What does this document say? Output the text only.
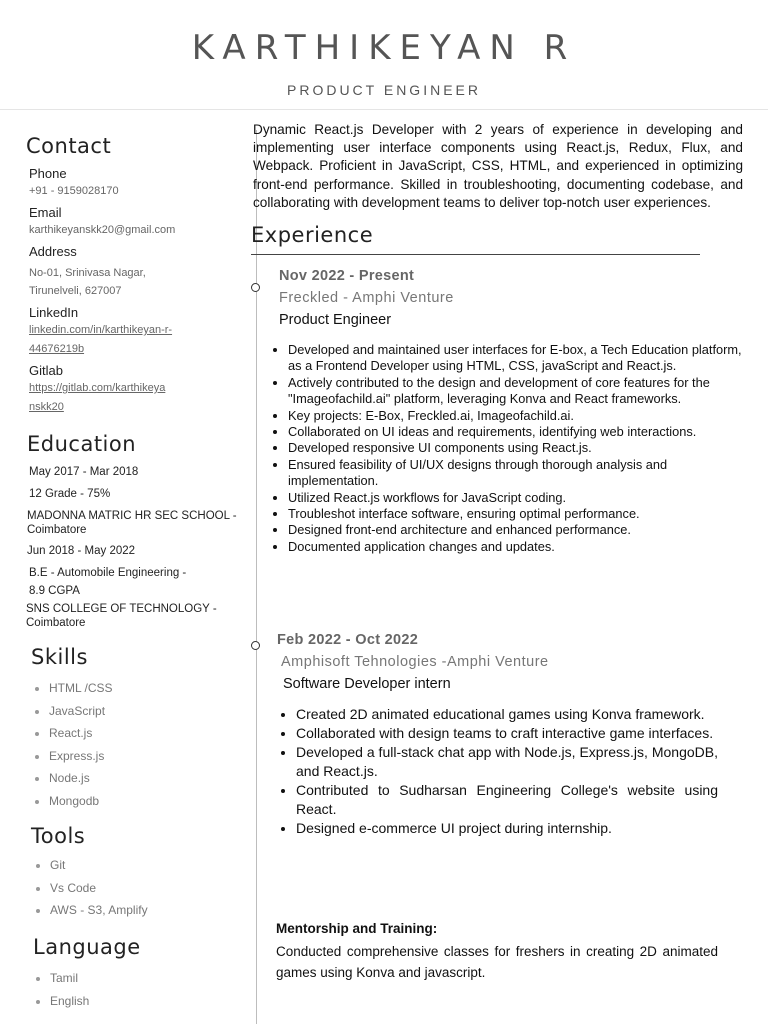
KARTHIKEYAN R
PRODUCT ENGINEER
Contact
Phone
+91 - 9159028170
Email
karthikeyanskk20@gmail.com
Address
No-01, Srinivasa Nagar,
Tirunelveli, 627007
LinkedIn
linkedin.com/in/karthikeyan-r-
44676219b
Gitlab
https://gitlab.com/karthikeya
nskk20
Education
May 2017 - Mar 2018
12 Grade - 75%
MADONNA MATRIC HR SEC SCHOOL - Coimbatore
Jun 2018 - May 2022
B.E - Automobile Engineering -
8.9 CGPA
SNS COLLEGE OF TECHNOLOGY - Coimbatore
Skills
• HTML /CSS
• JavaScript
• React.js
• Express.js
• Node.js
• Mongodb
Tools
• Git
• Vs Code
• AWS - S3, Amplify
Language
• Tamil
• English
Dynamic React.js Developer with 2 years of experience in developing and implementing user interface components using React.js, Redux, Flux, and Webpack. Proficient in JavaScript, CSS, HTML, and experienced in optimizing front-end performance. Skilled in troubleshooting, documenting codebase, and collaborating with development teams to deliver top-notch user experiences.
Experience
Nov 2022 - Present
Freckled - Amphi Venture
Product Engineer
• Developed and maintained user interfaces for E-box, a Tech Education platform, as a Frontend Developer using HTML, CSS, javaScript and React.js.
• Actively contributed to the design and development of core features for the "Imageofachild.ai" platform, leveraging Konva and React frameworks.
• Key projects: E-Box, Freckled.ai, Imageofachild.ai.
• Collaborated on UI ideas and requirements, identifying web interactions.
• Developed responsive UI components using React.js.
• Ensured feasibility of UI/UX designs through thorough analysis and implementation.
• Utilized React.js workflows for JavaScript coding.
• Troubleshot interface software, ensuring optimal performance.
• Designed front-end architecture and enhanced performance.
• Documented application changes and updates.
Feb 2022 - Oct 2022
Amphisoft Tehnologies -Amphi Venture
Software Developer intern
• Created 2D animated educational games using Konva framework.
• Collaborated with design teams to craft interactive game interfaces.
• Developed a full-stack chat app with Node.js, Express.js, MongoDB, and React.js.
• Contributed to Sudharsan Engineering College's website using React.
• Designed e-commerce UI project during internship.
Mentorship and Training:
Conducted comprehensive classes for freshers in creating 2D animated games using Konva and javascript.
